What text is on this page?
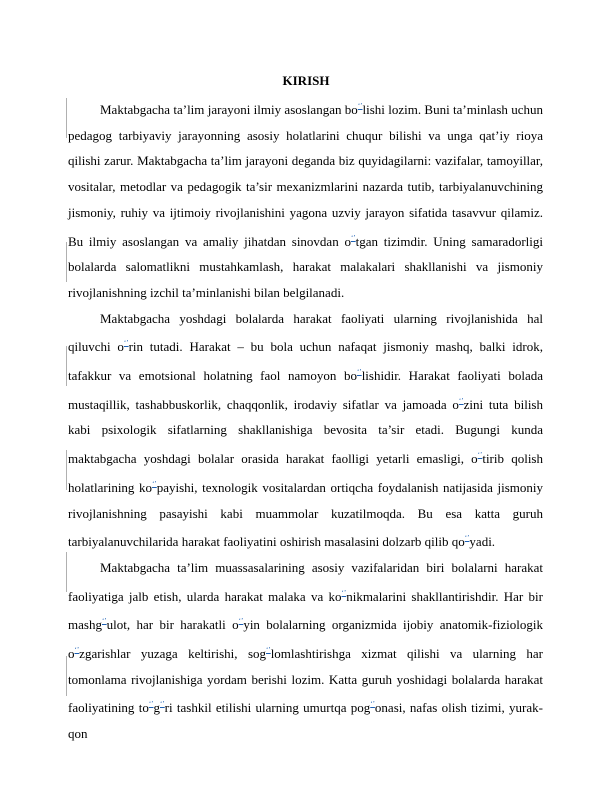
KIRISH

Maktabgacha ta’lim jarayoni ilmiy asoslangan bo‘’lishi lozim. Buni ta’minlash uchun pedagog tarbiyaviy jarayonning asosiy holatlarini chuqur bilishi va unga qat’iy rioya qilishi zarur. Maktabgacha ta’lim jarayoni deganda biz quyidagilarni: vazifalar, tamoyillar, vositalar, metodlar va pedagogik ta’sir mexanizmlarini nazarda tutib, tarbiyalanuvchining jismoniy, ruhiy va ijtimoiy rivojlanishini yagona uzviy jarayon sifatida tasavvur qilamiz. Bu ilmiy asoslangan va amaliy jihatdan sinovdan o‘’tgan tizimdir. Uning samaradorligi bolalarda salomatlikni mustahkamlash, harakat malakalari shakllanishi va jismoniy rivojlanishning izchil ta’minlanishi bilan belgilanadi.

Maktabgacha yoshdagi bolalarda harakat faoliyati ularning rivojlanishida hal qiluvchi o‘’rin tutadi. Harakat – bu bola uchun nafaqat jismoniy mashq, balki idrok, tafakkur va emotsional holatning faol namoyon bo‘’lishidir. Harakat faoliyati bolada mustaqillik, tashabbuskorlik, chaqqonlik, irodaviy sifatlar va jamoada o‘’zini tuta bilish kabi psixologik sifatlarning shakllanishiga bevosita ta’sir etadi. Bugungi kunda maktabgacha yoshdagi bolalar orasida harakat faolligi yetarli emasligi, o‘’tirib qolish holatlarining ko‘’payishi, texnologik vositalardan ortiqcha foydalanish natijasida jismoniy rivojlanishning pasayishi kabi muammolar kuzatilmoqda. Bu esa katta guruh tarbiyalanuvchilarida harakat faoliyatini oshirish masalasini dolzarb qilib qo‘’yadi.

Maktabgacha ta’lim muassasalarining asosiy vazifalaridan biri bolalarni harakat faoliyatiga jalb etish, ularda harakat malaka va ko‘’nikmalarini shakllantirishdir. Har bir mashg‘’ulot, har bir harakatli o‘’yin bolalarning organizmida ijobiy anatomik-fiziologik o‘’zgarishlar yuzaga keltirishi, sog‘’lomlashtirishga xizmat qilishi va ularning har tomonlama rivojlanishiga yordam berishi lozim. Katta guruh yoshidagi bolalarda harakat faoliyatining to‘’g‘’ri tashkil etilishi ularning umurtqa pog‘’onasi, nafas olish tizimi, yurak-qon
